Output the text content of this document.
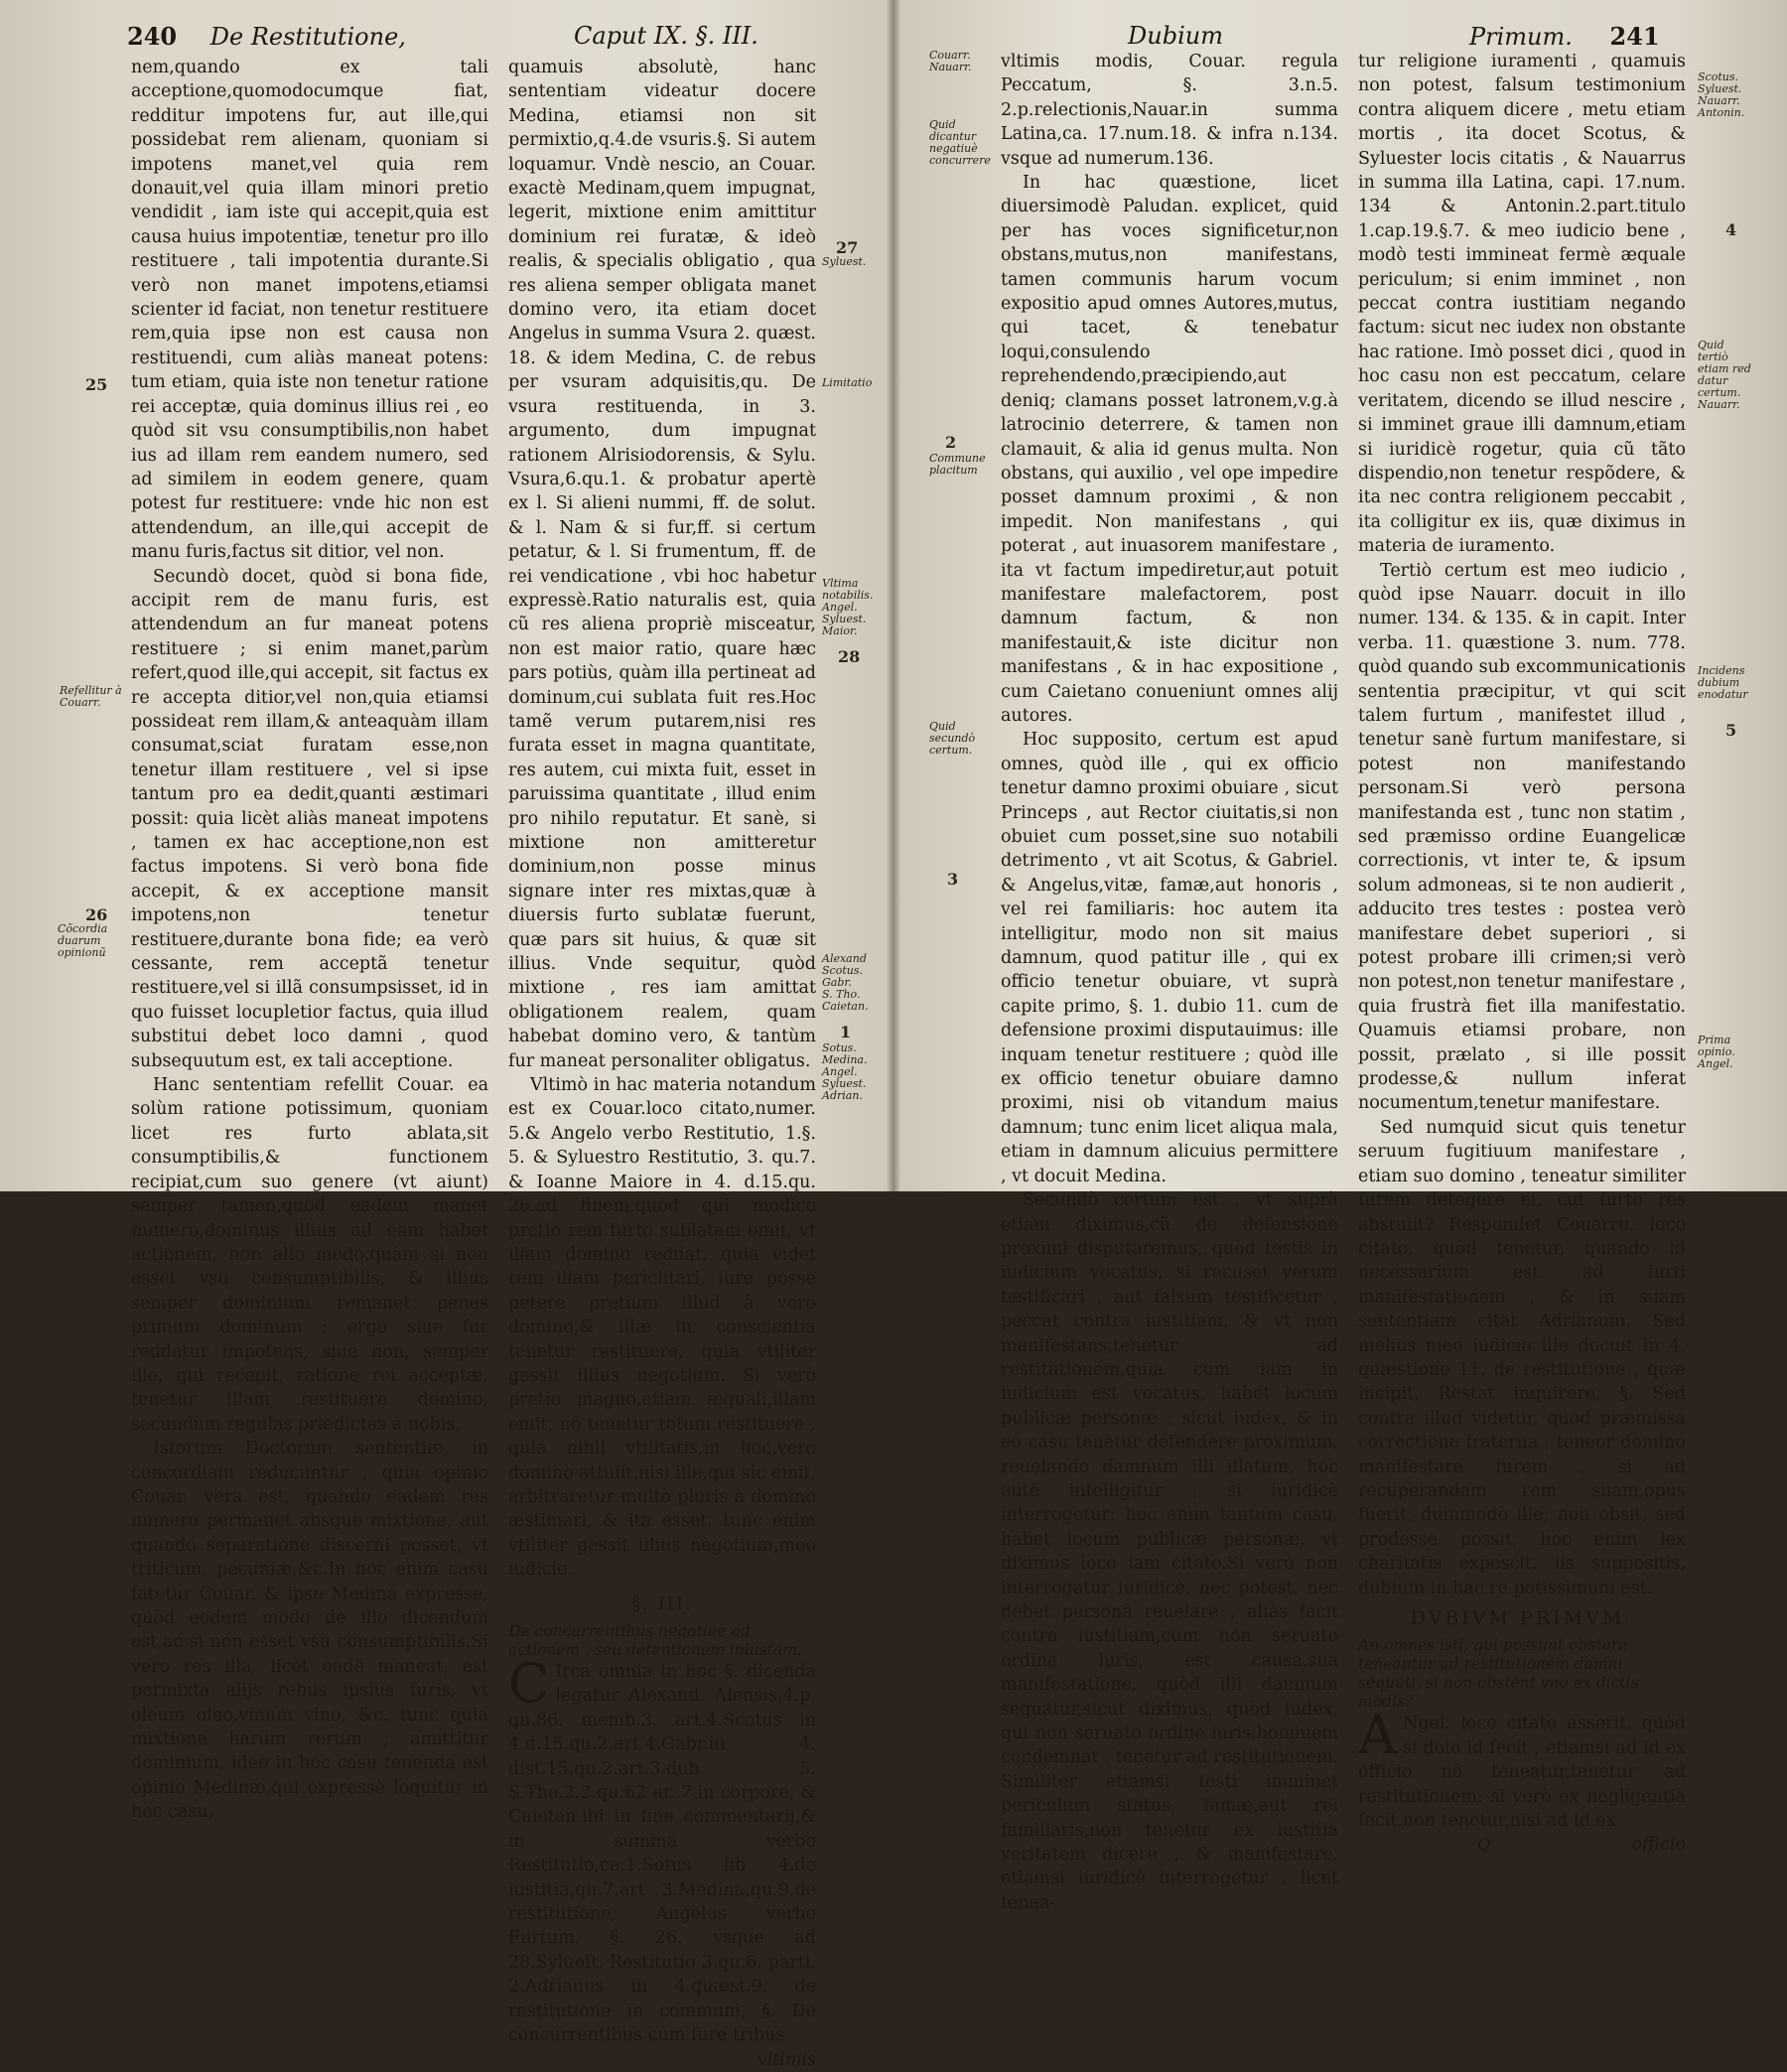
240 De Restitutione,	Caput IX. §. III.

nem,quando ex tali acceptione,quomodocumque fiat, redditur impotens fur, aut ille,qui possidebat rem alienam, quoniam si impotens manet,vel quia rem donauit,vel quia illam minori pretio vendidit , iam iste qui accepit,quia est causa huius impotentiæ, tenetur pro illo restituere , tali impotentia durante.Si verò non manet impotens,etiamsi scienter id faciat, non tenetur restituere rem,quia ipse non est causa non restituendi, cum aliàs maneat potens: tum etiam, quia iste non tenetur ratione rei acceptæ, quia dominus illius rei , eo quòd sit vsu consumptibilis,non habet ius ad illam rem eandem numero, sed ad similem in eodem genere, quam potest fur restituere: vnde hic non est attendendum, an ille,qui accepit de manu furis,factus sit ditior, vel non.

Secundò docet, quòd si bona fide, accipit rem de manu furis, est attendendum an fur maneat potens restituere ; si enim manet,parùm refert,quod ille,qui accepit, sit factus ex re accepta ditior,vel non,quia etiamsi possideat rem illam,& anteaquàm illam consumat,sciat furatam esse,non tenetur illam restituere , vel si ipse tantum pro ea dedit,quanti æstimari possit: quia licèt aliàs maneat impotens , tamen ex hac acceptione,non est factus impotens. Si verò bona fide accepit, & ex acceptione mansit impotens,non tenetur restituere,durante bona fide; ea verò cessante, rem acceptã tenetur restituere,vel si illã consumpsisset, id in quo fuisset locupletior factus, quia illud substitui debet loco damni , quod subsequutum est, ex tali acceptione.

Hanc sententiam refellit Couar. ea solùm ratione potissimum, quoniam licet res furto ablata,sit consumptibilis,& functionem recipiat,cum suo genere (vt aiunt) semper tamen,quòd eadem manet numero,dominus illius ad eam habet actionem, non alio modo,quàm si non esset vsu consumptibilis, & illius semper dominium remanet penes primum dominum ; ergo siue fur reddatur impotens, siue non, semper ille, qui recepit, ratione rei acceptæ, tenetur illam restituere domino, secundùm regulas prædictas à nobis.

Istorum Doctorum sententiæ, in concordiam reducuntur , quia opinio Couar. vera est, quando eadem res numero permanet absque mixtione, aut quando separatione discerni posset, vt triticum, pecuniæ,&c.In hoc enim casu fatetur Couar. & ipse Medina expresse, quòd eodem modo de illo dicendum est,ac si non esset vsu consumptibilis.Si verò res illa, licèt eadẽ maneat, est permixta alijs rebus ipsius furis, vt oleum oleo,vinum vino, &c. tunc quia mixtione harum rerum , amittitur dominium, ideò in hoc casu tenenda est opinio Medinæ,qui expressè loquitur in hoc casu,

quamuis absolutè, hanc sententiam videatur docere Medina, etiamsi non sit permixtio,q.4.de vsuris.§. Si autem loquamur. Vndè nescio, an Couar. exactè Medinam,quem impugnat, legerit, mixtione enim amittitur dominium rei furatæ, & ideò realis, & specialis obligatio , qua res aliena semper obligata manet domino vero, ita etiam docet Angelus in summa Vsura 2. quæst. 18. & idem Medina, C. de rebus per vsuram adquisitis,qu. De vsura restituenda, in 3. argumento, dum impugnat rationem Alrisiodorensis, & Sylu. Vsura,6.qu.1. & probatur apertè ex l. Si alieni nummi, ff. de solut. & l. Nam & si fur,ff. si certum petatur, & l. Si frumentum, ff. de rei vendicatione , vbi hoc habetur expressè.Ratio naturalis est, quia cũ res aliena propriè misceatur, non est maior ratio, quare hæc pars potiùs, quàm illa pertineat ad dominum,cui sublata fuit res.Hoc tamẽ verum putarem,nisi res furata esset in magna quantitate, res autem, cui mixta fuit, esset in paruissima quantitate , illud enim pro nihilo reputatur. Et sanè, si mixtione non amitteretur dominium,non posse minus signare inter res mixtas,quæ à diuersis furto sublatæ fuerunt, quæ pars sit huius, & quæ sit illius. Vnde sequitur, quòd mixtione , res iam amittat obligationem realem, quam habebat domino vero, & tantùm fur maneat personaliter obligatus.

Vltimò in hac materia notandum est ex Couar.loco citato,numer. 5.& Angelo verbo Restitutio, 1.§. 5. & Syluestro Restitutio, 3. qu.7. & Ioanne Maiore in 4. d.15.qu. 26.ad finem,quòd qui modico pretio rem furto sublatam emit, vt illam domino reddat, quia videt rem illam periclitari, iure posse petere pretium illud à vero domino,& illæ in conscientia tenetur restituere, quia vtiliter gessit illius negotium. Si verò pretio magno,etiam æquali,illam emit, nõ tenetur totum restituere , quia nihil vtilitatis,in hoc,vero domino attulit,nisi ille,qui sic emit, arbitraretur multò pluris à domino æstimari, & ita esset, tunc enim vtiliter gessit illius negotium,meo iudicio.

§. III.

De concurrentibus negatiuè ad actionem , seu detentionem iniustam.

C Irca omnia in hoc §. dicenda legatur Alexand. Alensis,4.p. qu.86. memb.3. art.4.Scotus in 4.d.15.qu.2.art.4.Gabr.in 4. dist.15.qu.2.art.3.dub 5. S.Tho.2.2.qu.62 ar. 7.in corpore, & Caietan.ibi in fine commentarij,& in summa verbo Restitutio,ca.1.Sotus lib 4.de iustitia,qu.7.art 3.Medina,qu.9.de restitutione, Angelus verbo Furtum, §. 26. vsque ad 28.Sylueſt. Restitutio 3.qu.6. parti. 2.Adrianus in 4.quæst.9. de restitutione in communi, §. De concurrentibus cum fure tribus

vltimis
25
Refellitur à
Couarr.
26
Cõcordia
duarum
opinionũ
27
Syluest.
Limitatio
Vltima
notabilis.
Angel.
Syluest.
Maior.
28
Alexand
Scotus.
Gabr.
S. Tho.
Caietan.
1
Sotus.
Medina.
Angel.
Syluest.
Adrian.
Dubium	Primum. 241

vltimis modis, Couar. regula Peccatum, §. 3.n.5. 2.p.relectionis,Nauar.in summa Latina,ca. 17.num.18. & infra n.134. vsque ad numerum.136.

In hac quæstione, licet diuersimodè Paludan. explicet, quid per has voces significetur,non obstans,mutus,non manifestans, tamen communis harum vocum expositio apud omnes Autores,mutus, qui tacet, & tenebatur loqui,consulendo reprehendendo,præcipiendo,aut deniq; clamans posset latronem,v.g.à latrocinio deterrere, & tamen non clamauit, & alia id genus multa. Non obstans, qui auxilio , vel ope impedire posset damnum proximi , & non impedit. Non manifestans , qui poterat , aut inuasorem manifestare , ita vt factum impediretur,aut potuit manifestare malefactorem, post damnum factum, & non manifestauit,& iste dicitur non manifestans , & in hac expositione , cum Caietano conueniunt omnes alij autores.

Hoc supposito, certum est apud omnes, quòd ille , qui ex officio tenetur damno proximi obuiare , sicut Princeps , aut Rector ciuitatis,si non obuiet cum posset,sine suo notabili detrimento , vt ait Scotus, & Gabriel. & Angelus,vitæ, famæ,aut honoris , vel rei familiaris: hoc autem ita intelligitur, modo non sit maius damnum, quod patitur ille , qui ex officio tenetur obuiare, vt suprà capite primo, §. 1. dubio 11. cum de defensione proximi disputauimus: ille inquam tenetur restituere ; quòd ille ex officio tenetur obuiare damno proximi, nisi ob vitandum maius damnum; tunc enim licet aliqua mala, etiam in damnum alicuius permittere , vt docuit Medina.

Secundò certum est , vt suprà etiam diximus,cũ de defensione proximi disputaremus, quòd testis in iudicium vocatus, si recuset verum testificari , aut falsum testificetur , peccat contra iustitiam, & vt non manifestans,tenetur ad restitutionem,quia cum iam in iudicium est vocatus, habet locum publicæ personæ , sicut iudex, & in eo casu tenetur defendere proximum, reuelando damnum illi illatum, hoc autè intelligitur , si iuridicè interrogetur: hoc enim tantum casu, habet locum publicæ personæ, vt diximus loco iam citato.Si verò non interrogatur iuridicè, nec potest, nec debet personã reuelare , aliàs facit contra iustitiam,cum non seruato ordine iuris, est causa,sua manifestatione, quòd illi damnum sequatur,sicut diximus, quòd iudex, qui non seruato ordine iuris,hominem condemnat , tenetur ad restitutionem. Similiter etiamsi testi imminet periculum status, famæ,aut rei familiaris,non tenetur ex iustitia veritatem dicere , & manifestare, etiamsi iuridicè interrogetur , licet tenea-

tur religione iuramenti , quamuis non potest, falsum testimonium contra aliquem dicere , metu etiam mortis , ita docet Scotus, & Syluester locis citatis , & Nauarrus in summa illa Latina, capi. 17.num. 134 & Antonin.2.part.titulo 1.cap.19.§.7. & meo iudicio bene , modò testi immineat fermè æquale periculum; si enim imminet , non peccat contra iustitiam negando factum: sicut nec iudex non obstante hac ratione. Imò posset dici , quod in hoc casu non est peccatum, celare veritatem, dicendo se illud nescire , si imminet graue illi damnum,etiam si iuridicè rogetur, quia cũ tãto dispendio,non tenetur respõdere, & ita nec contra religionem peccabit , ita colligitur ex iis, quæ diximus in materia de iuramento.

Tertiò certum est meo iudicio , quòd ipse Nauarr. docuit in illo numer. 134. & 135. & in capit. Inter verba. 11. quæstione 3. num. 778. quòd quando sub excommunicationis sententia præcipitur, vt qui scit talem furtum , manifestet illud , tenetur sanè furtum manifestare, si potest non manifestando personam.Si verò persona manifestanda est , tunc non statim , sed præmisso ordine Euangelicæ correctionis, vt inter te, & ipsum solum admoneas, si te non audierit , adducito tres testes : postea verò manifestare debet superiori , si potest probare illi crimen;si verò non potest,non tenetur manifestare , quia frustrà fiet illa manifestatio. Quamuis etiamsi probare, non possit, prælato , si ille possit prodesse,& nullum inferat nocumentum,tenetur manifestare.

Sed numquid sicut quis tenetur seruum fugitiuum manifestare , etiam suo domino , teneatur similiter furem detegere ei, cui furto res abstulit? Respondet Couarru. loco citato, quòd tenetur, quando id necessarium est ad furti manifestationem , & in suam sententiam citat Adrianum. Sed melius meo iudicio ille docuit in 4. quæstione 11. de restitutione , quæ incipit, Restat inquirere, §. Sed contra illud videtur, quòd præmissa correctione fraterna , teneor domino manifestare furem , si ad recuperandam rem suam,opus fuerit, dummodò ille, non obsit, sed prodesse possit, hoc enim lex charitatis exposcit, iis suppositis, dubium in hac re potissimum est.

DVBIVM PRIMVM.

An omnes isti, qui possunt obstare teneantur ad restitutionem damni sequuti, si non obstent vno ex dictis modis?

A Ngel. loco citato asserit, quòd si dolo id fecit , etiamsi ad id ex officio nõ teneatur,tenetur ad restitutionem: si verò ex negligentia fecit,non tenetur,nisi ad id ex

Q	officio
Couarr.
Nauarr.
Quid dicantur
negatiuè
concurrere
2
Commune
placitum
Quid
secundò
certum.
3
Scotus.
Syluest.
Nauarr.
Antonin.
4
Quid
tertiò
etiam red
datur
certum.
Nauarr.
Incidens
dubium
enodatur
5
Prima
opinio.
Angel.
